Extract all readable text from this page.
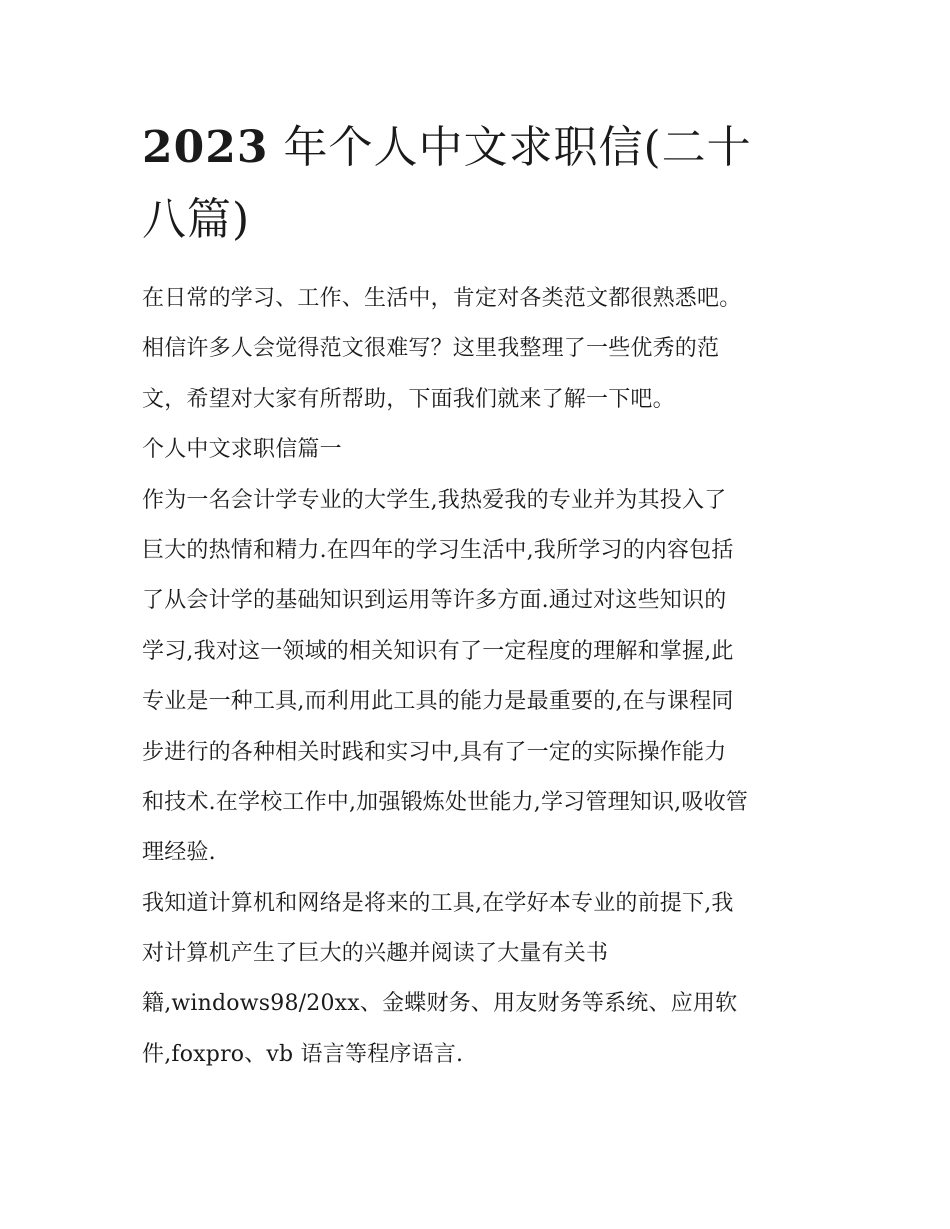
2023 年个人中文求职信(二十
八篇)
在日常的学习、工作、生活中，肯定对各类范文都很熟悉吧。
相信许多人会觉得范文很难写？这里我整理了一些优秀的范
文，希望对大家有所帮助，下面我们就来了解一下吧。
个人中文求职信篇一
作为一名会计学专业的大学生,我热爱我的专业并为其投入了
巨大的热情和精力.在四年的学习生活中,我所学习的内容包括
了从会计学的基础知识到运用等许多方面.通过对这些知识的
学习,我对这一领域的相关知识有了一定程度的理解和掌握,此
专业是一种工具,而利用此工具的能力是最重要的,在与课程同
步进行的各种相关时践和实习中,具有了一定的实际操作能力
和技术.在学校工作中,加强锻炼处世能力,学习管理知识,吸收管
理经验.
我知道计算机和网络是将来的工具,在学好本专业的前提下,我
对计算机产生了巨大的兴趣并阅读了大量有关书
籍,windows98/20xx、金蝶财务、用友财务等系统、应用软
件,foxpro、vb 语言等程序语言.
